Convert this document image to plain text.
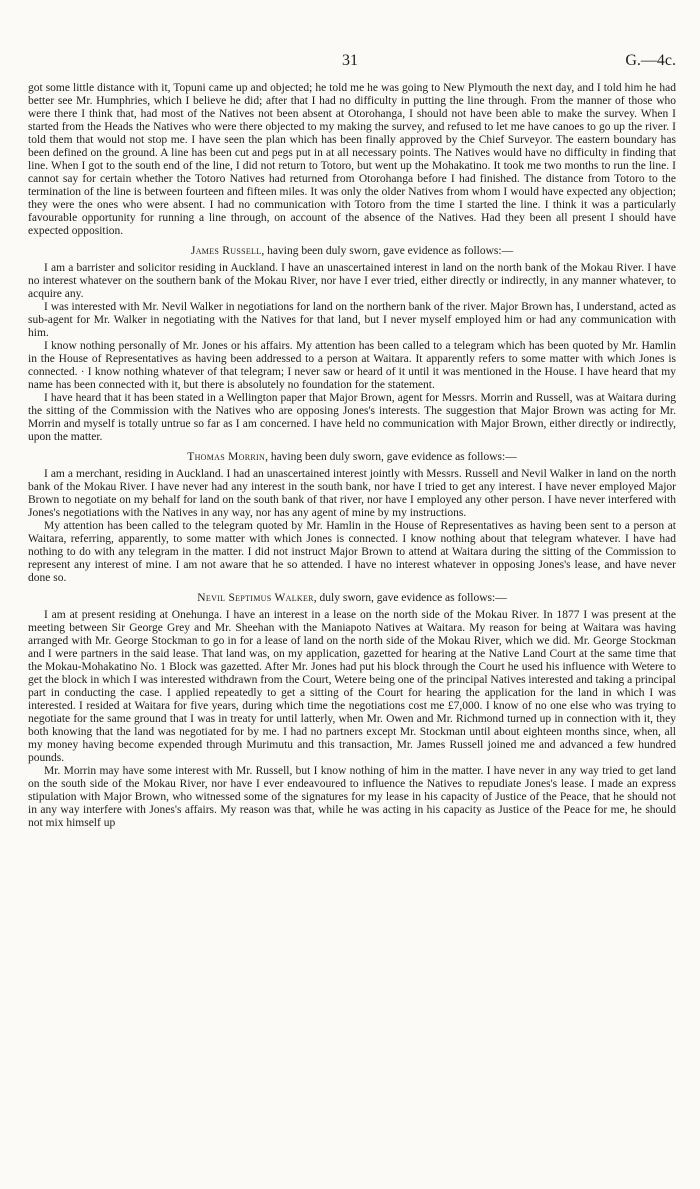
31	G.—4c.

got some little distance with it, Topuni came up and objected; he told me he was going to New Plymouth the next day, and I told him he had better see Mr. Humphries, which I believe he did; after that I had no difficulty in putting the line through. From the manner of those who were there I think that, had most of the Natives not been absent at Otorohanga, I should not have been able to make the survey. When I started from the Heads the Natives who were there objected to my making the survey, and refused to let me have canoes to go up the river. I told them that would not stop me. I have seen the plan which has been finally approved by the Chief Surveyor. The eastern boundary has been defined on the ground. A line has been cut and pegs put in at all necessary points. The Natives would have no difficulty in finding that line. When I got to the south end of the line, I did not return to Totoro, but went up the Mohakatino. It took me two months to run the line. I cannot say for certain whether the Totoro Natives had returned from Otorohanga before I had finished. The distance from Totoro to the termination of the line is between fourteen and fifteen miles. It was only the older Natives from whom I would have expected any objection; they were the ones who were absent. I had no communication with Totoro from the time I started the line. I think it was a particularly favourable opportunity for running a line through, on account of the absence of the Natives. Had they been all present I should have expected opposition.

James Russell, having been duly sworn, gave evidence as follows:—

I am a barrister and solicitor residing in Auckland. I have an unascertained interest in land on the north bank of the Mokau River. I have no interest whatever on the southern bank of the Mokau River, nor have I ever tried, either directly or indirectly, in any manner whatever, to acquire any.

I was interested with Mr. Nevil Walker in negotiations for land on the northern bank of the river. Major Brown has, I understand, acted as sub-agent for Mr. Walker in negotiating with the Natives for that land, but I never myself employed him or had any communication with him.

I know nothing personally of Mr. Jones or his affairs. My attention has been called to a telegram which has been quoted by Mr. Hamlin in the House of Representatives as having been addressed to a person at Waitara. It apparently refers to some matter with which Jones is connected. · I know nothing whatever of that telegram; I never saw or heard of it until it was mentioned in the House. I have heard that my name has been connected with it, but there is absolutely no foundation for the statement.

I have heard that it has been stated in a Wellington paper that Major Brown, agent for Messrs. Morrin and Russell, was at Waitara during the sitting of the Commission with the Natives who are opposing Jones's interests. The suggestion that Major Brown was acting for Mr. Morrin and myself is totally untrue so far as I am concerned. I have held no communication with Major Brown, either directly or indirectly, upon the matter.

Thomas Morrin, having been duly sworn, gave evidence as follows:—

I am a merchant, residing in Auckland. I had an unascertained interest jointly with Messrs. Russell and Nevil Walker in land on the north bank of the Mokau River. I have never had any interest in the south bank, nor have I tried to get any interest. I have never employed Major Brown to negotiate on my behalf for land on the south bank of that river, nor have I employed any other person. I have never interfered with Jones's negotiations with the Natives in any way, nor has any agent of mine by my instructions.

My attention has been called to the telegram quoted by Mr. Hamlin in the House of Representatives as having been sent to a person at Waitara, referring, apparently, to some matter with which Jones is connected. I know nothing about that telegram whatever. I have had nothing to do with any telegram in the matter. I did not instruct Major Brown to attend at Waitara during the sitting of the Commission to represent any interest of mine. I am not aware that he so attended. I have no interest whatever in opposing Jones's lease, and have never done so.

Nevil Septimus Walker, duly sworn, gave evidence as follows:—

I am at present residing at Onehunga. I have an interest in a lease on the north side of the Mokau River. In 1877 I was present at the meeting between Sir George Grey and Mr. Sheehan with the Maniapoto Natives at Waitara. My reason for being at Waitara was having arranged with Mr. George Stockman to go in for a lease of land on the north side of the Mokau River, which we did. Mr. George Stockman and I were partners in the said lease. That land was, on my application, gazetted for hearing at the Native Land Court at the same time that the Mokau-Mohakatino No. 1 Block was gazetted. After Mr. Jones had put his block through the Court he used his influence with Wetere to get the block in which I was interested withdrawn from the Court, Wetere being one of the principal Natives interested and taking a principal part in conducting the case. I applied repeatedly to get a sitting of the Court for hearing the application for the land in which I was interested. I resided at Waitara for five years, during which time the negotiations cost me £7,000. I know of no one else who was trying to negotiate for the same ground that I was in treaty for until latterly, when Mr. Owen and Mr. Richmond turned up in connection with it, they both knowing that the land was negotiated for by me. I had no partners except Mr. Stockman until about eighteen months since, when, all my money having become expended through Murimutu and this transaction, Mr. James Russell joined me and advanced a few hundred pounds.

Mr. Morrin may have some interest with Mr. Russell, but I know nothing of him in the matter. I have never in any way tried to get land on the south side of the Mokau River, nor have I ever endeavoured to influence the Natives to repudiate Jones's lease. I made an express stipulation with Major Brown, who witnessed some of the signatures for my lease in his capacity of Justice of the Peace, that he should not in any way interfere with Jones's affairs. My reason was that, while he was acting in his capacity as Justice of the Peace for me, he should not mix himself up
